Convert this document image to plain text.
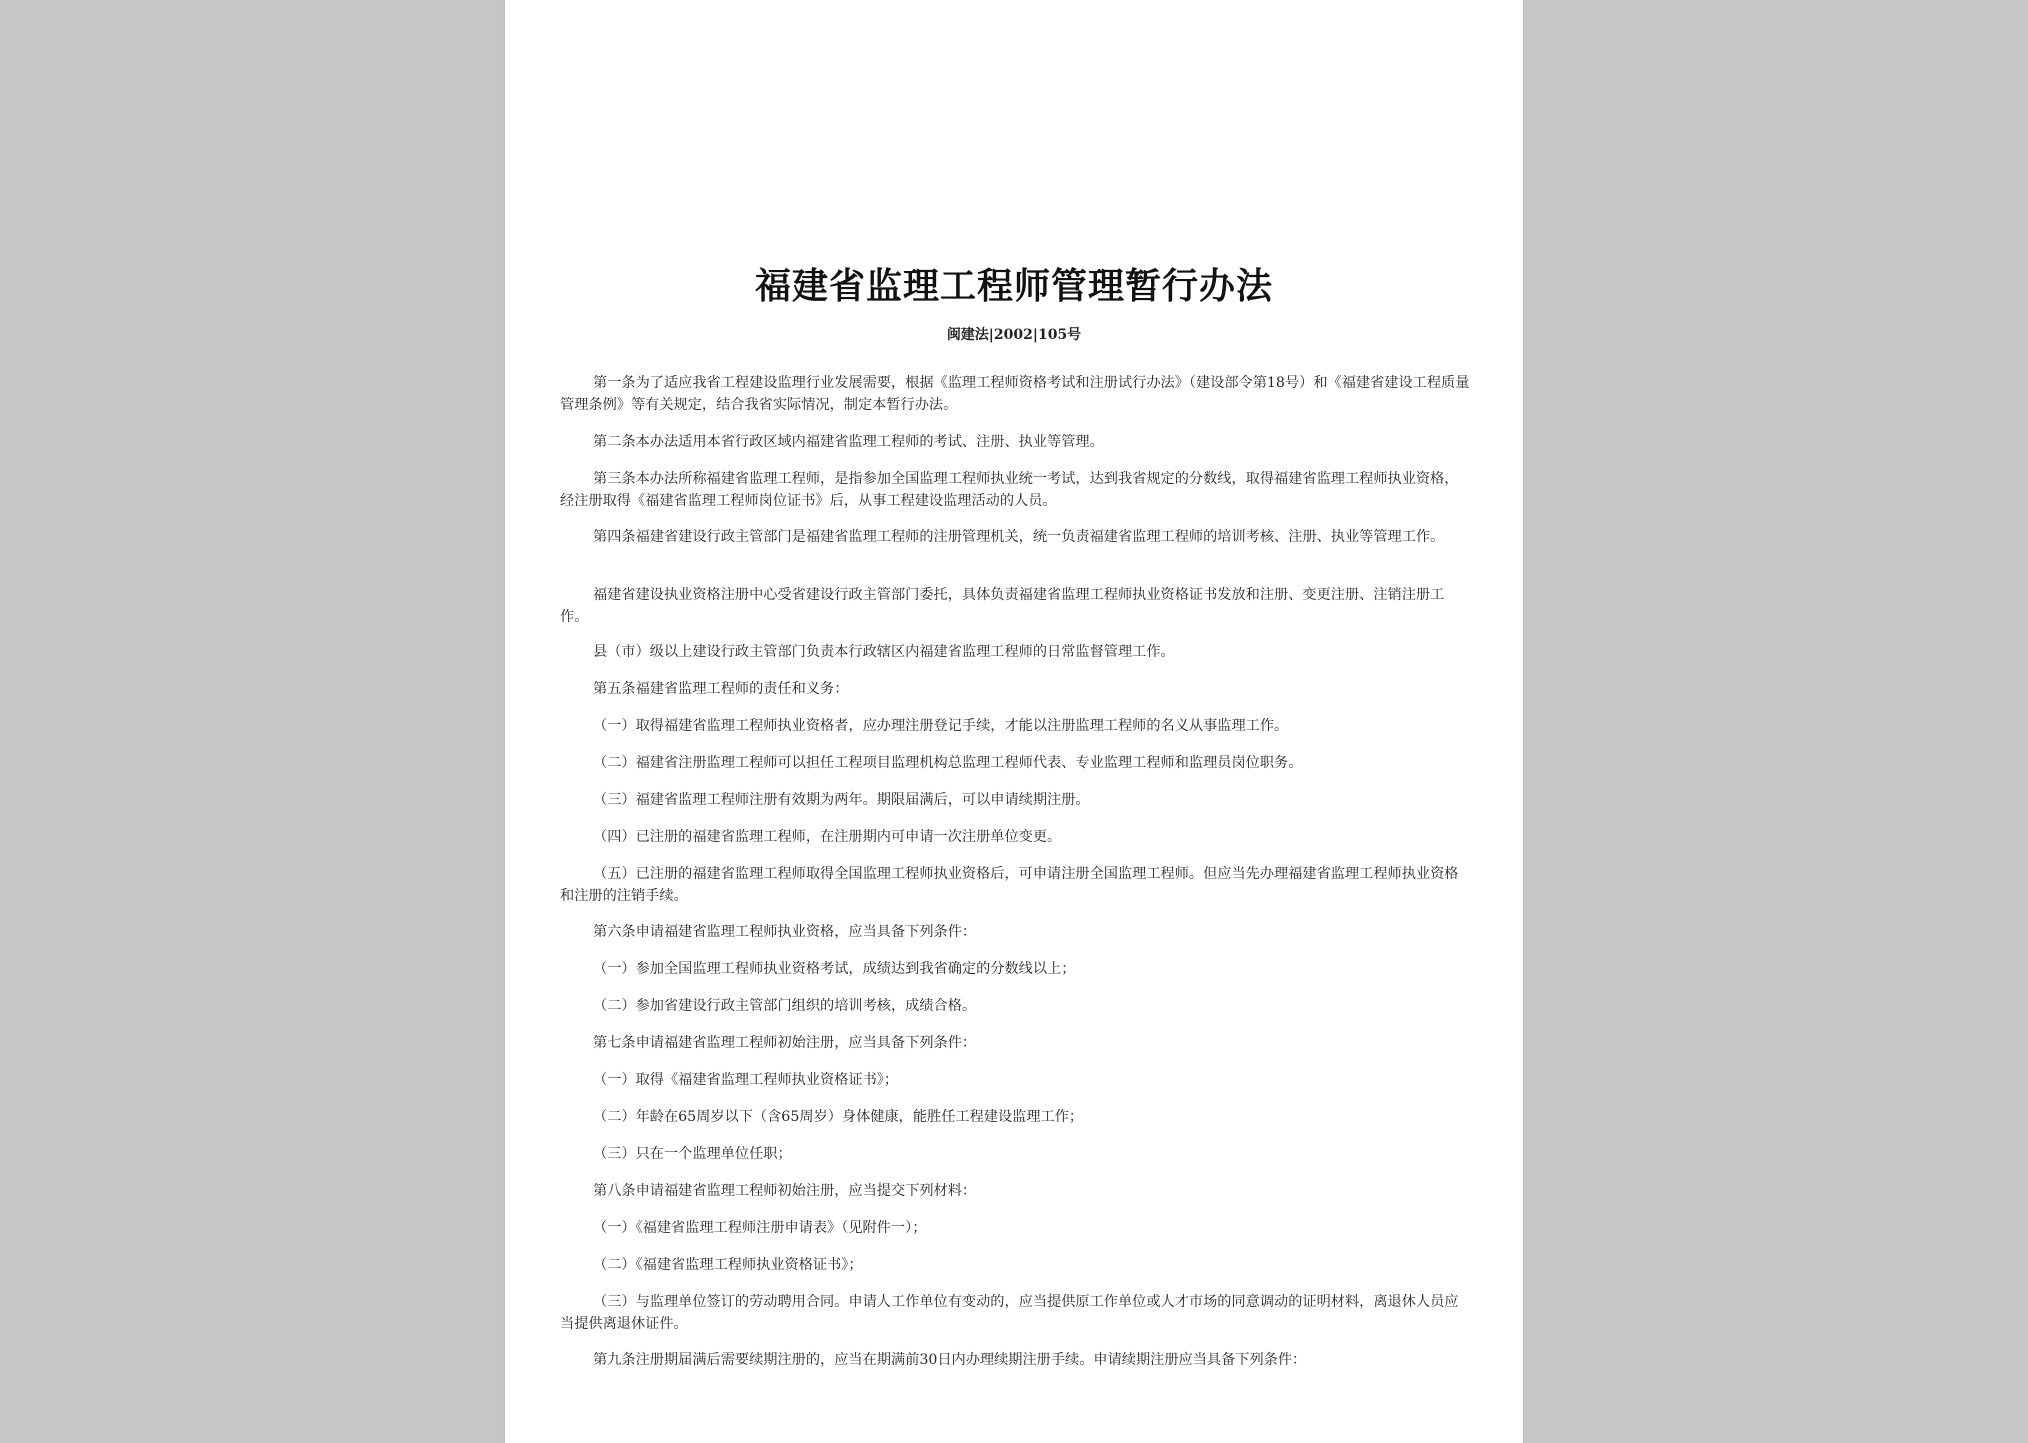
福建省监理工程师管理暂行办法
闽建法|2002|105号

第一条为了适应我省工程建设监理行业发展需要，根据《监理工程师资格考试和注册试行办法》（建设部令第18号）和《福建省建设工程质量管理条例》等有关规定，结合我省实际情况，制定本暂行办法。

第二条本办法适用本省行政区域内福建省监理工程师的考试、注册、执业等管理。

第三条本办法所称福建省监理工程师，是指参加全国监理工程师执业统一考试，达到我省规定的分数线，取得福建省监理工程师执业资格，经注册取得《福建省监理工程师岗位证书》后，从事工程建设监理活动的人员。

第四条福建省建设行政主管部门是福建省监理工程师的注册管理机关，统一负责福建省监理工程师的培训考核、注册、执业等管理工作。

福建省建设执业资格注册中心受省建设行政主管部门委托，具体负责福建省监理工程师执业资格证书发放和注册、变更注册、注销注册工作。

县（市）级以上建设行政主管部门负责本行政辖区内福建省监理工程师的日常监督管理工作。

第五条福建省监理工程师的责任和义务：

（一）取得福建省监理工程师执业资格者，应办理注册登记手续，才能以注册监理工程师的名义从事监理工作。

（二）福建省注册监理工程师可以担任工程项目监理机构总监理工程师代表、专业监理工程师和监理员岗位职务。

（三）福建省监理工程师注册有效期为两年。期限届满后，可以申请续期注册。

（四）已注册的福建省监理工程师，在注册期内可申请一次注册单位变更。

（五）已注册的福建省监理工程师取得全国监理工程师执业资格后，可申请注册全国监理工程师。但应当先办理福建省监理工程师执业资格和注册的注销手续。

第六条申请福建省监理工程师执业资格，应当具备下列条件：

（一）参加全国监理工程师执业资格考试，成绩达到我省确定的分数线以上；

（二）参加省建设行政主管部门组织的培训考核，成绩合格。

第七条申请福建省监理工程师初始注册，应当具备下列条件：

（一）取得《福建省监理工程师执业资格证书》；

（二）年龄在65周岁以下（含65周岁）身体健康，能胜任工程建设监理工作；

（三）只在一个监理单位任职；

第八条申请福建省监理工程师初始注册，应当提交下列材料：

（一）《福建省监理工程师注册申请表》（见附件一）；

（二）《福建省监理工程师执业资格证书》；

（三）与监理单位签订的劳动聘用合同。申请人工作单位有变动的，应当提供原工作单位或人才市场的同意调动的证明材料，离退休人员应当提供离退休证件。

第九条注册期届满后需要续期注册的，应当在期满前30日内办理续期注册手续。申请续期注册应当具备下列条件：
